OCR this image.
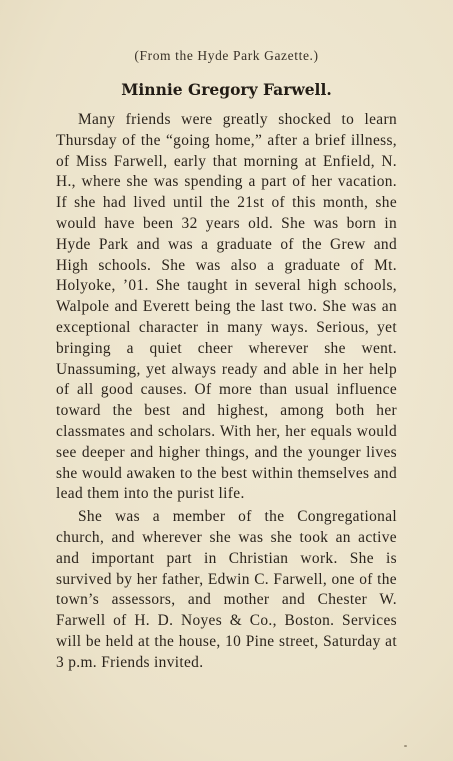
(From the Hyde Park Gazette.)
Minnie Gregory Farwell.

Many friends were greatly shocked to learn Thursday of the “going home,” after a brief illness, of Miss Farwell, early that morning at Enfield, N. H., where she was spending a part of her vacation. If she had lived until the 21st of this month, she would have been 32 years old. She was born in Hyde Park and was a graduate of the Grew and High schools. She was also a graduate of Mt. Holyoke, ’01. She taught in several high schools, Walpole and Everett being the last two. She was an exceptional character in many ways. Serious, yet bringing a quiet cheer wherever she went. Unassuming, yet always ready and able in her help of all good causes. Of more than usual influence toward the best and highest, among both her classmates and scholars. With her, her equals would see deeper and higher things, and the younger lives she would awaken to the best within themselves and lead them into the purist life.

She was a member of the Congregational church, and wherever she was she took an active and important part in Christian work. She is survived by her father, Edwin C. Farwell, one of the town’s assessors, and mother and Chester W. Farwell of H. D. Noyes & Co., Boston. Services will be held at the house, 10 Pine street, Saturday at 3 p.m. Friends invited.
